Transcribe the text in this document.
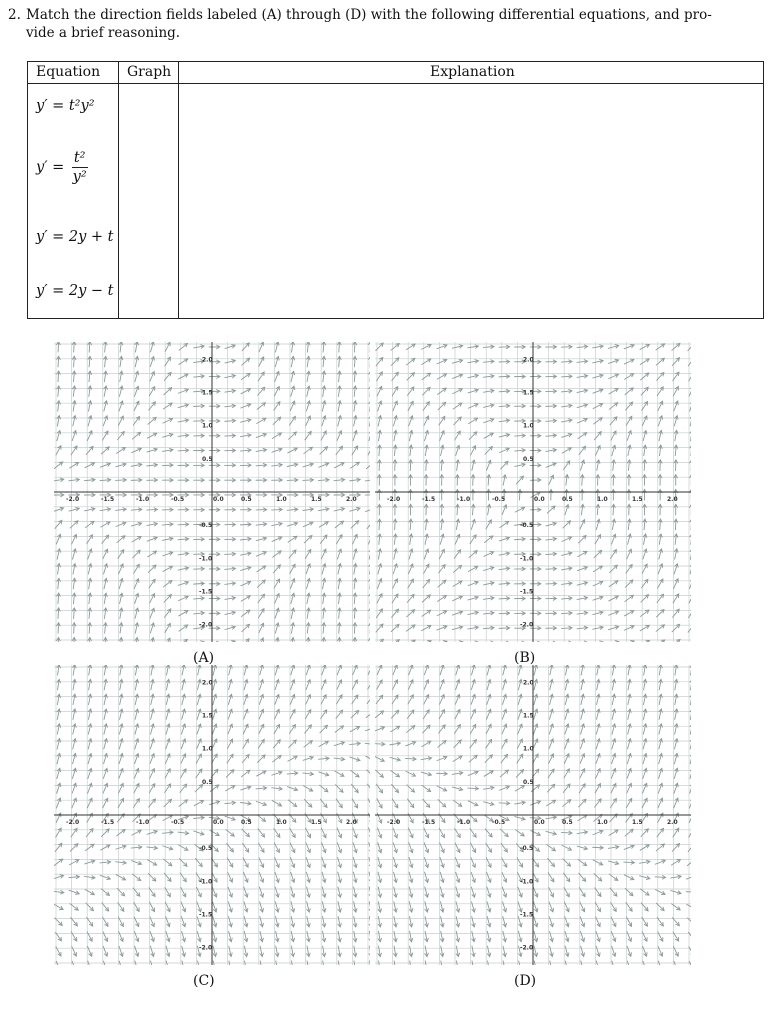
2. Match the direction fields labeled (A) through (D) with the following differential equations, and pro-
vide a brief reasoning.
Equation Graph	Explanation
y′ = t²y²
$y' = \frac{\text{t²}}{\text{y²}}$
y′ = 2y + t
y′ = 2y − t
-2.0
-2.0
-1.5
-1.5
-1.0
-1.0
-0.5
-0.5
0.0	0.5
0.5
1.0
1.0
1.5
1.5
2.0
2.0
-2.0
-2.0
-1.5
-1.5
-1.0
-1.0
-0.5
-0.5
0.0	0.5
0.5
1.0
1.0
1.5
1.5
2.0
2.0
-2.0
-2.0
-1.5
-1.5
-1.0
-1.0
-0.5
-0.5
0.0	0.5
0.5
1.0
1.0
1.5
1.5
2.0
2.0
-2.0
-2.0
-1.5
-1.5
-1.0
-1.0
-0.5
-0.5
0.0	0.5
0.5
1.0
1.0
1.5
1.5
2.0
2.0
(A)	(B)
(C)	(D)
